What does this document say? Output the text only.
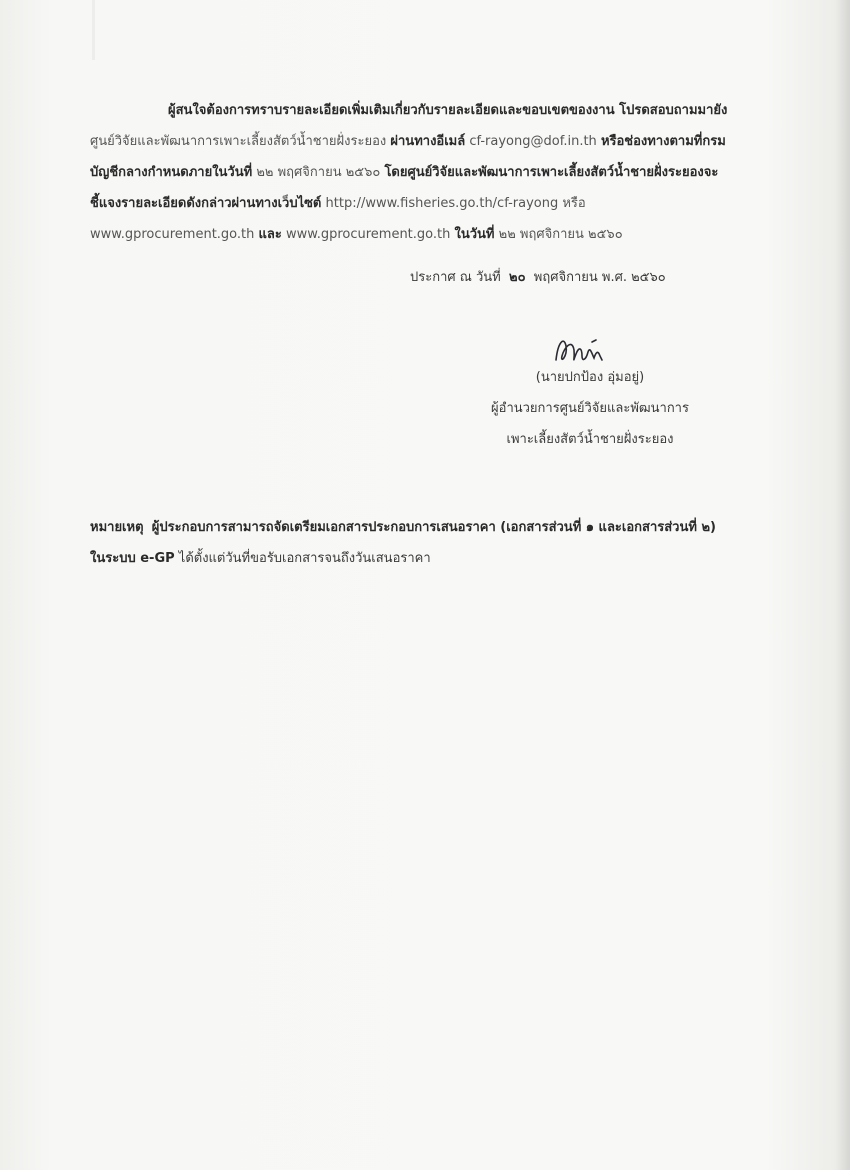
ผู้สนใจต้องการทราบรายละเอียดเพิ่มเติมเกี่ยวกับรายละเอียดและขอบเขตของงาน โปรดสอบถามมายัง
ศูนย์วิจัยและพัฒนาการเพาะเลี้ยงสัตว์น้ำชายฝั่งระยอง ผ่านทางอีเมล์ cf-rayong@dof.in.th หรือช่องทางตามที่กรม
บัญชีกลางกำหนดภายในวันที่ ๒๒ พฤศจิกายน ๒๕๖๐ โดยศูนย์วิจัยและพัฒนาการเพาะเลี้ยงสัตว์น้ำชายฝั่งระยองจะ
ชี้แจงรายละเอียดดังกล่าวผ่านทางเว็บไซต์ http://www.fisheries.go.th/cf-rayong หรือ
www.gprocurement.go.th และ www.gprocurement.go.th ในวันที่ ๒๒ พฤศจิกายน ๒๕๖๐
ประกาศ ณ วันที่ ๒๐ พฤศจิกายน พ.ศ. ๒๕๖๐
(นายปกป้อง อุ่มอยู่)
ผู้อำนวยการศูนย์วิจัยและพัฒนาการ
เพาะเลี้ยงสัตว์น้ำชายฝั่งระยอง
หมายเหตุ ผู้ประกอบการสามารถจัดเตรียมเอกสารประกอบการเสนอราคา (เอกสารส่วนที่ ๑ และเอกสารส่วนที่ ๒)
ในระบบ e-GP ได้ตั้งแต่วันที่ขอรับเอกสารจนถึงวันเสนอราคา
